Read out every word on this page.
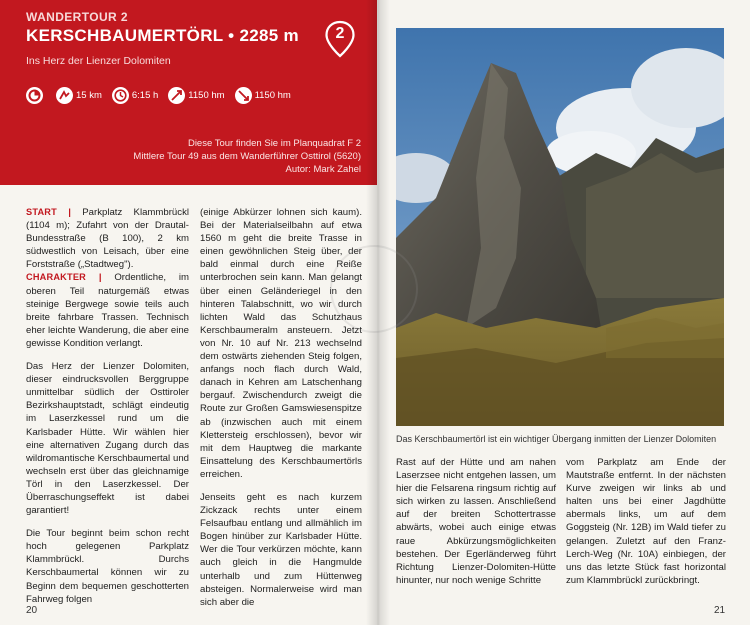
WANDERTOUR 2
KERSCHBAUMERTÖRL • 2285 m
Ins Herz der Lienzer Dolomiten
2
15 km	6:15 h	1150 hm	1150 hm
Diese Tour finden Sie im Planquadrat F 2
Mittlere Tour 49 aus dem Wanderführer Osttirol (5620)
Autor: Mark Zahel

START | Parkplatz Klammbrückl (1104 m); Zufahrt von der Drautal-Bundesstraße (B 100), 2 km südwestlich von Leisach, über eine Forststraße („Stadtweg").
CHARAKTER | Ordentliche, im oberen Teil naturgemäß etwas steinige Bergwege sowie teils auch breite fahrbare Trassen. Technisch eher leichte Wanderung, die aber eine gewisse Kondition verlangt.

Das Herz der Lienzer Dolomiten, dieser eindrucksvollen Berggruppe unmittelbar südlich der Osttiroler Bezirkshauptstadt, schlägt eindeutig im Laserzkessel rund um die Karlsbader Hütte. Wir wählen hier eine alternativen Zugang durch das wildromantische Kerschbaumertal und wechseln erst über das gleichnamige Törl in den Laserzkessel. Der Überraschungseffekt ist dabei garantiert!

Die Tour beginnt beim schon recht hoch gelegenen Parkplatz Klammbrückl. Durchs Kerschbaumertal können wir zu Beginn dem bequemen geschotterten Fahrweg folgen

(einige Abkürzer lohnen sich kaum). Bei der Materialseilbahn auf etwa 1560 m geht die breite Trasse in einen gewöhnlichen Steig über, der bald einmal durch eine Reiße unterbrochen sein kann. Man gelangt über einen Geländeriegel in den hinteren Talabschnitt, wo wir durch lichten Wald das Schutzhaus Kerschbaumeralm ansteuern. Jetzt von Nr. 10 auf Nr. 213 wechselnd dem ostwärts ziehenden Steig folgen, anfangs noch flach durch Wald, danach in Kehren am Latschenhang bergauf. Zwischendurch zweigt die Route zur Großen Gamswiesenspitze ab (inzwischen auch mit einem Klettersteig erschlossen), bevor wir mit dem Hauptweg die markante Einsattelung des Kerschbaumertörls erreichen.

Jenseits geht es nach kurzem Zickzack rechts unter einem Felsaufbau entlang und allmählich im Bogen hinüber zur Karlsbader Hütte. Wer die Tour verkürzen möchte, kann auch gleich in die Hangmulde unterhalb und zum Hüttenweg absteigen. Normalerweise wird man sich aber die

20
Das Kerschbaumertörl ist ein wichtiger Übergang inmitten der Lienzer Dolomiten

Rast auf der Hütte und am nahen Laserzsee nicht entgehen lassen, um hier die Felsarena ringsum richtig auf sich wirken zu lassen. Anschließend auf der breiten Schottertrasse abwärts, wobei auch einige etwas raue Abkürzungsmöglichkeiten bestehen. Der Egerländerweg führt Richtung Lienzer-Dolomiten-Hütte hinunter, nur noch wenige Schritte

vom Parkplatz am Ende der Mautstraße entfernt. In der nächsten Kurve zweigen wir links ab und halten uns bei einer Jagdhütte abermals links, um auf dem Goggsteig (Nr. 12B) im Wald tiefer zu gelangen. Zuletzt auf den Franz-Lerch-Weg (Nr. 10A) einbiegen, der uns das letzte Stück fast horizontal zum Klammbrückl zurückbringt.

21
